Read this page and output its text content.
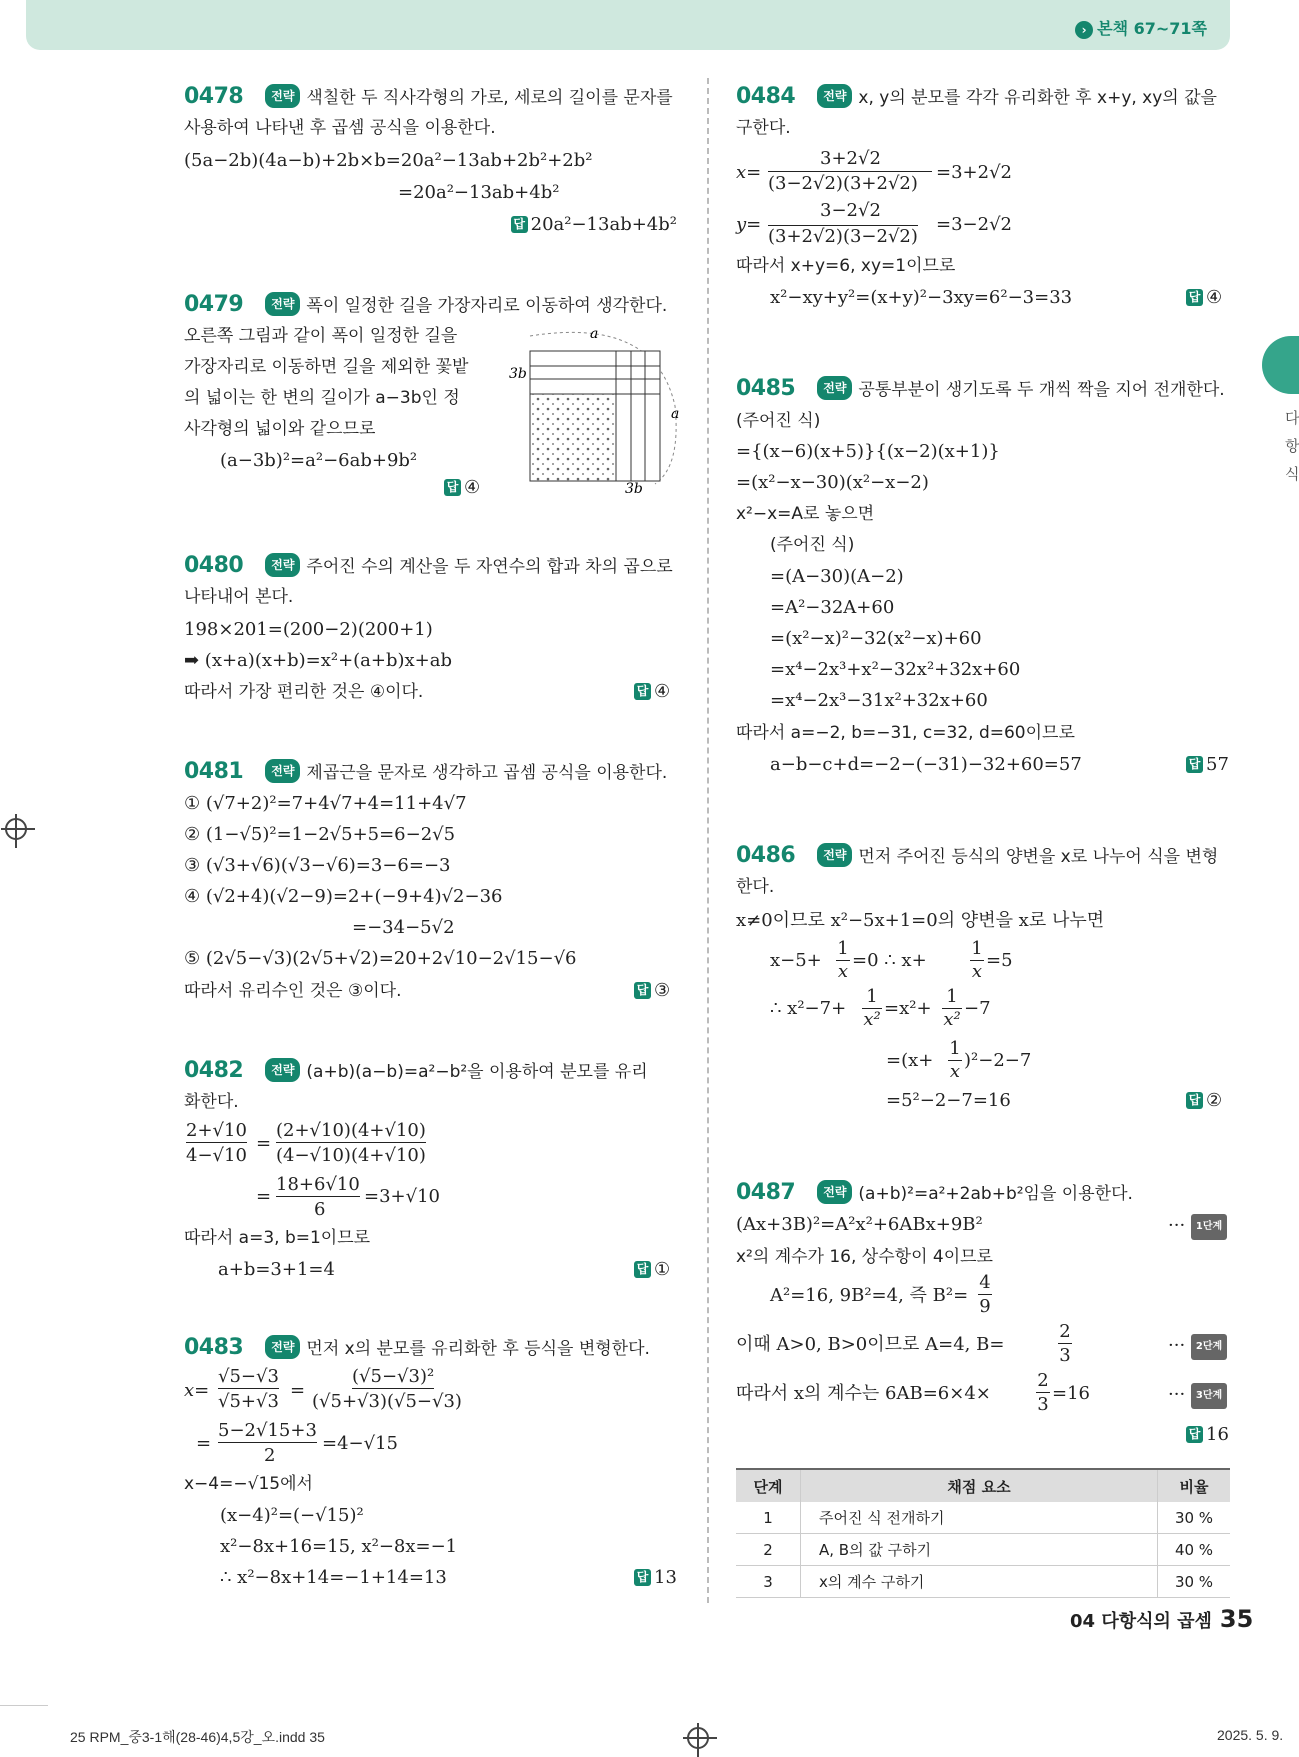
› 본책 67~71쪽
다
항
식
0478 전략 색칠한 두 직사각형의 가로, 세로의 길이를 문자를
사용하여 나타낸 후 곱셈 공식을 이용한다.
(5a−2b)(4a−b)+2b×b=20a²−13ab+2b²+2b²
=20a²−13ab+4b²
답 20a²−13ab+4b²
0479 전략 폭이 일정한 길을 가장자리로 이동하여 생각한다.
오른쪽 그림과 같이 폭이 일정한 길을
가장자리로 이동하면 길을 제외한 꽃밭
의 넓이는 한 변의 길이가 a−3b인 정
사각형의 넓이와 같으므로
(a−3b)²=a²−6ab+9b²
답 ④
a
a
3b
3b
0480 전략 주어진 수의 계산을 두 자연수의 합과 차의 곱으로
나타내어 본다.
198×201=(200−2)(200+1)
➡ (x+a)(x+b)=x²+(a+b)x+ab
따라서 가장 편리한 것은 ④이다.	답 ④
0481 전략 제곱근을 문자로 생각하고 곱셈 공식을 이용한다.
① (√7+2)²=7+4√7+4=11+4√7
② (1−√5)²=1−2√5+5=6−2√5
③ (√3+√6)(√3−√6)=3−6=−3
④ (√2+4)(√2−9)=2+(−9+4)√2−36
=−34−5√2
⑤ (2√5−√3)(2√5+√2)=20+2√10−2√15−√6
따라서 유리수인 것은 ③이다.	답 ③
0482 전략 (a+b)(a−b)=a²−b²을 이용하여 분모를 유리
화한다.
2+√10
4−√10
=
(2+√10)(4+√10)
(4−√10)(4+√10)
=
18+6√10
6
=3+√10
따라서 a=3, b=1이므로
a+b=3+1=4	답 ①
0483 전략 먼저 x의 분모를 유리화한 후 등식을 변형한다.
x=
√5−√3
√5+√3
=
(√5−√3)²
(√5+√3)(√5−√3)
=
5−2√15+3
2
=4−√15
x−4=−√15에서
(x−4)²=(−√15)²
x²−8x+16=15, x²−8x=−1
∴ x²−8x+14=−1+14=13	답 13
0484 전략 x, y의 분모를 각각 유리화한 후 x+y, xy의 값을
구한다.
x=
3+2√2
(3−2√2)(3+2√2)
=3+2√2
y=
3−2√2
(3+2√2)(3−2√2)
=3−2√2
따라서 x+y=6, xy=1이므로
x²−xy+y²=(x+y)²−3xy=6²−3=33	답 ④
0485 전략 공통부분이 생기도록 두 개씩 짝을 지어 전개한다.
(주어진 식)
={(x−6)(x+5)}{(x−2)(x+1)}
=(x²−x−30)(x²−x−2)
x²−x=A로 놓으면
(주어진 식)
=(A−30)(A−2)
=A²−32A+60
=(x²−x)²−32(x²−x)+60
=x⁴−2x³+x²−32x²+32x+60
=x⁴−2x³−31x²+32x+60
따라서 a=−2, b=−31, c=32, d=60이므로
a−b−c+d=−2−(−31)−32+60=57	답 57
0486 전략 먼저 주어진 등식의 양변을 x로 나누어 식을 변형
한다.
x≠0이므로 x²−5x+1=0의 양변을 x로 나누면
x−5+
1
x
=0 ∴ x+
1
x
=5
∴ x²−7+
1
x²
=x²+
1
x²
−7
=(x+
1
x
)²−2−7
=5²−2−7=16	답 ②
0487 전략 (a+b)²=a²+2ab+b²임을 이용한다.
(Ax+3B)²=A²x²+6ABx+9B²	··· 1단계
x²의 계수가 16, 상수항이 4이므로
A²=16, 9B²=4, 즉 B²=
4
9
이때 A>0, B>0이므로 A=4, B=
2
3	··· 2단계
따라서 x의 계수는 6AB=6×4×
2
3
=16	··· 3단계
답 16
단계	채점 요소	비율
1	주어진 식 전개하기	30 %
2	A, B의 값 구하기	40 %
3	x의 계수 구하기	30 %
04 다항식의 곱셈 35
25 RPM_중3-1해(28-46)4,5강_오.indd 35	2025. 5. 9.
